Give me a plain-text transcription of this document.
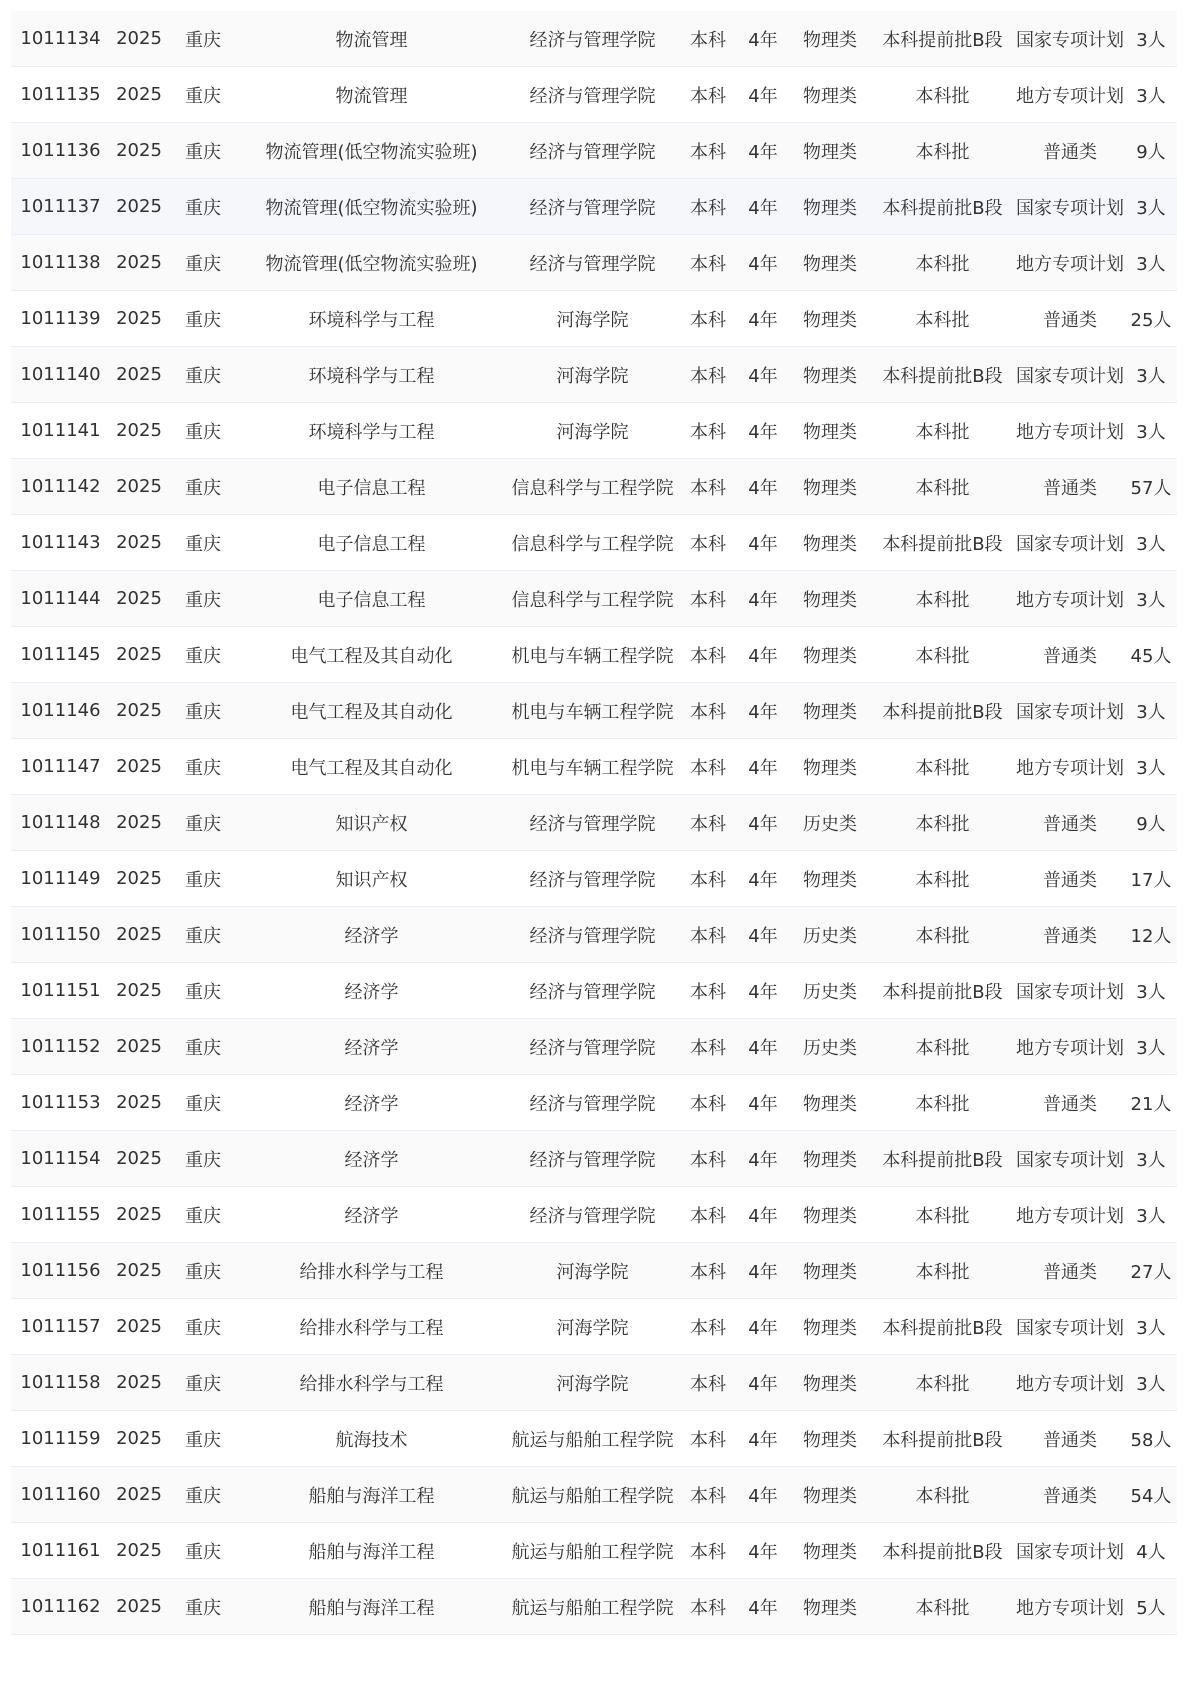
1011134	2025	重庆	物流管理	经济与管理学院	本科	4年	物理类	本科提前批B段	国家专项计划	3人
1011135	2025	重庆	物流管理	经济与管理学院	本科	4年	物理类	本科批	地方专项计划	3人
1011136	2025	重庆	物流管理(低空物流实验班)	经济与管理学院	本科	4年	物理类	本科批	普通类	9人
1011137	2025	重庆	物流管理(低空物流实验班)	经济与管理学院	本科	4年	物理类	本科提前批B段	国家专项计划	3人
1011138	2025	重庆	物流管理(低空物流实验班)	经济与管理学院	本科	4年	物理类	本科批	地方专项计划	3人
1011139	2025	重庆	环境科学与工程	河海学院	本科	4年	物理类	本科批	普通类	25人
1011140	2025	重庆	环境科学与工程	河海学院	本科	4年	物理类	本科提前批B段	国家专项计划	3人
1011141	2025	重庆	环境科学与工程	河海学院	本科	4年	物理类	本科批	地方专项计划	3人
1011142	2025	重庆	电子信息工程	信息科学与工程学院	本科	4年	物理类	本科批	普通类	57人
1011143	2025	重庆	电子信息工程	信息科学与工程学院	本科	4年	物理类	本科提前批B段	国家专项计划	3人
1011144	2025	重庆	电子信息工程	信息科学与工程学院	本科	4年	物理类	本科批	地方专项计划	3人
1011145	2025	重庆	电气工程及其自动化	机电与车辆工程学院	本科	4年	物理类	本科批	普通类	45人
1011146	2025	重庆	电气工程及其自动化	机电与车辆工程学院	本科	4年	物理类	本科提前批B段	国家专项计划	3人
1011147	2025	重庆	电气工程及其自动化	机电与车辆工程学院	本科	4年	物理类	本科批	地方专项计划	3人
1011148	2025	重庆	知识产权	经济与管理学院	本科	4年	历史类	本科批	普通类	9人
1011149	2025	重庆	知识产权	经济与管理学院	本科	4年	物理类	本科批	普通类	17人
1011150	2025	重庆	经济学	经济与管理学院	本科	4年	历史类	本科批	普通类	12人
1011151	2025	重庆	经济学	经济与管理学院	本科	4年	历史类	本科提前批B段	国家专项计划	3人
1011152	2025	重庆	经济学	经济与管理学院	本科	4年	历史类	本科批	地方专项计划	3人
1011153	2025	重庆	经济学	经济与管理学院	本科	4年	物理类	本科批	普通类	21人
1011154	2025	重庆	经济学	经济与管理学院	本科	4年	物理类	本科提前批B段	国家专项计划	3人
1011155	2025	重庆	经济学	经济与管理学院	本科	4年	物理类	本科批	地方专项计划	3人
1011156	2025	重庆	给排水科学与工程	河海学院	本科	4年	物理类	本科批	普通类	27人
1011157	2025	重庆	给排水科学与工程	河海学院	本科	4年	物理类	本科提前批B段	国家专项计划	3人
1011158	2025	重庆	给排水科学与工程	河海学院	本科	4年	物理类	本科批	地方专项计划	3人
1011159	2025	重庆	航海技术	航运与船舶工程学院	本科	4年	物理类	本科提前批B段	普通类	58人
1011160	2025	重庆	船舶与海洋工程	航运与船舶工程学院	本科	4年	物理类	本科批	普通类	54人
1011161	2025	重庆	船舶与海洋工程	航运与船舶工程学院	本科	4年	物理类	本科提前批B段	国家专项计划	4人
1011162	2025	重庆	船舶与海洋工程	航运与船舶工程学院	本科	4年	物理类	本科批	地方专项计划	5人
